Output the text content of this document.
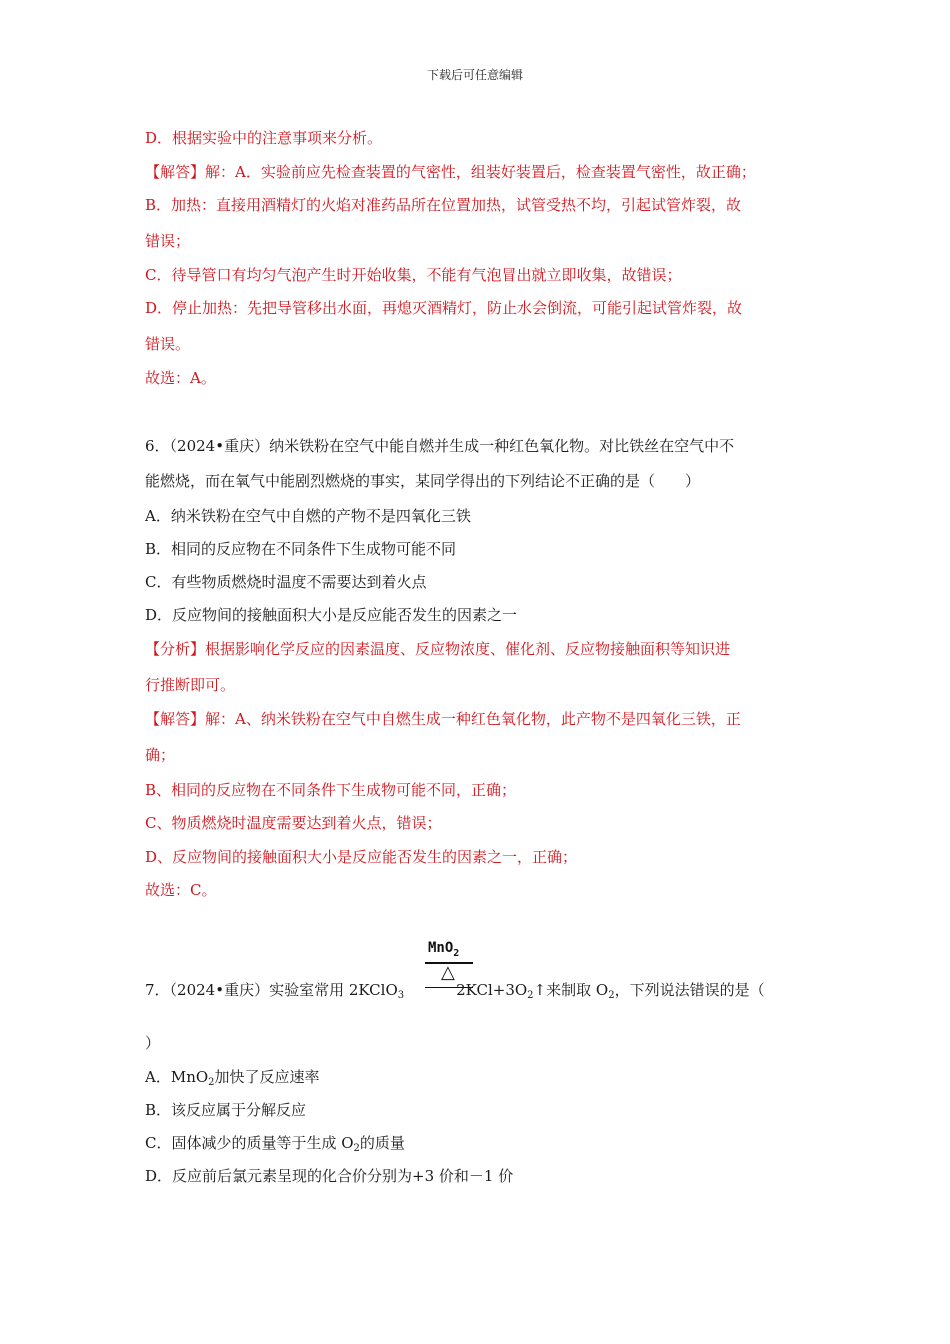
下载后可任意编辑
D．根据实验中的注意事项来分析。
【解答】解：A．实验前应先检查装置的气密性，组装好装置后，检查装置气密性，故正确；
B．加热：直接用酒精灯的火焰对准药品所在位置加热，试管受热不均，引起试管炸裂，故
错误；
C．待导管口有均匀气泡产生时开始收集，不能有气泡冒出就立即收集，故错误；
D．停止加热：先把导管移出水面，再熄灭酒精灯，防止水会倒流，可能引起试管炸裂，故
错误。
故选：A。
6．（2024•重庆）纳米铁粉在空气中能自燃并生成一种红色氧化物。对比铁丝在空气中不
能燃烧，而在氧气中能剧烈燃烧的事实，某同学得出的下列结论不正确的是（　　）
A．纳米铁粉在空气中自燃的产物不是四氧化三铁
B．相同的反应物在不同条件下生成物可能不同
C．有些物质燃烧时温度不需要达到着火点
D．反应物间的接触面积大小是反应能否发生的因素之一
【分析】根据影响化学反应的因素温度、反应物浓度、催化剂、反应物接触面积等知识进
行推断即可。
【解答】解：A、纳米铁粉在空气中自燃生成一种红色氧化物，此产物不是四氧化三铁，正
确；
B、相同的反应物在不同条件下生成物可能不同，正确；
C、物质燃烧时温度需要达到着火点，错误；
D、反应物间的接触面积大小是反应能否发生的因素之一，正确；
故选：C。
MnO$_2$
△
7．（2024•重庆）实验室常用 2KClO$_3$	$2KCl+3O_2↑$来制取 $O_2$，下列说法错误的是（
）
A．MnO$_2$加快了反应速率
B．该反应属于分解反应
C．固体减少的质量等于生成 $O_2$的质量
D．反应前后氯元素呈现的化合价分别为+3 价和－1 价
